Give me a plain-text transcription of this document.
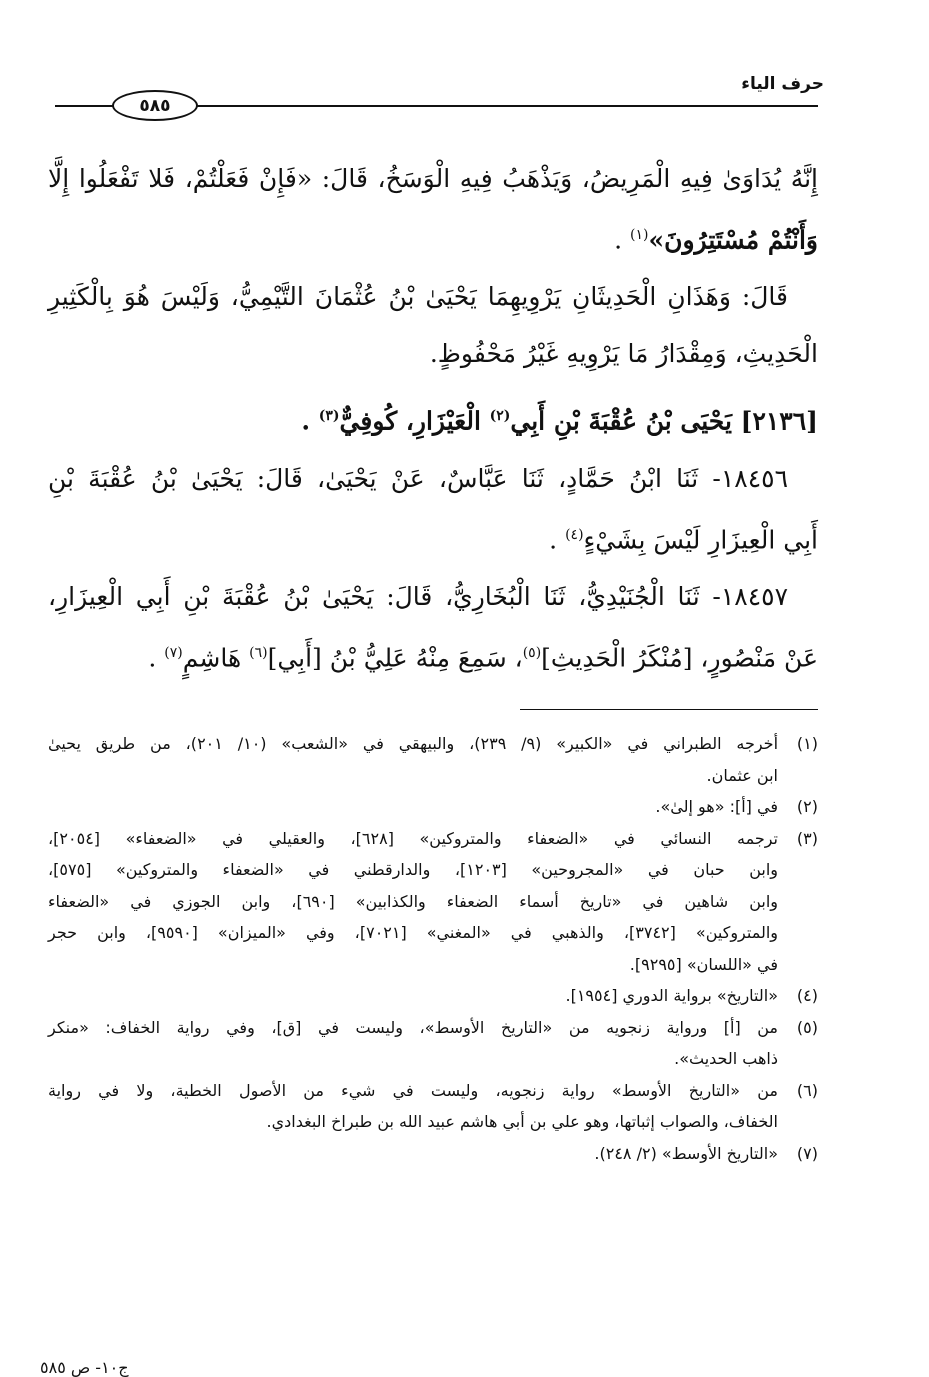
حرف الياء
٥٨٥
إِنَّهُ يُدَاوَىٰ فِيهِ الْمَرِيضُ، وَيَذْهَبُ فِيهِ الْوَسَخُ، قَالَ: «فَإِنْ فَعَلْتُمْ، فَلا تَفْعَلُوا إِلَّا
وَأَنْتُمْ مُسْتَتِرُونَ»$^{(١)}$ .
قَالَ: وَهَذَانِ الْحَدِيثَانِ يَرْوِيهِمَا يَحْيَىٰ بْنُ عُثْمَانَ التَّيْمِيُّ، وَلَيْسَ هُوَ بِالْكَثِيرِ
الْحَدِيثِ، وَمِقْدَارُ مَا يَرْوِيهِ غَيْرُ مَحْفُوظٍ.
[٢١٣٦] يَحْيَى بْنُ عُقْبَةَ بْنِ أَبِي$^{(٢)}$ الْعَيْزَارِ، كُوفِيٌّ$^{(٣)}$ .
١٨٤٥٦- ثَنَا ابْنُ حَمَّادٍ، ثَنَا عَبَّاسٌ، عَنْ يَحْيَىٰ، قَالَ: يَحْيَىٰ بْنُ عُقْبَةَ بْنِ
أَبِي الْعِيزَارِ لَيْسَ بِشَيْءٍ$^{(٤)}$ .
١٨٤٥٧- ثَنَا الْجُنَيْدِيُّ، ثَنَا الْبُخَارِيُّ، قَالَ: يَحْيَىٰ بْنُ عُقْبَةَ بْنِ أَبِي الْعِيزَارِ،
عَنْ مَنْصُورٍ، [مُنْكَرُ الْحَدِيثِ]$^{(٥)}$، سَمِعَ مِنْهُ عَلِيُّ بْنُ [أَبِي]$^{(٦)}$ هَاشِمٍ$^{(٧)}$ .
(١)
أخرجه الطبراني في «الكبير» (٩/ ٢٣٩)، والبيهقي في «الشعب» (١٠/ ٢٠١)، من طريق يحيىٰ
ابن عثمان.
(٢)
في [أ]: «هو إلىٰ».
(٣)
ترجمه النسائي في «الضعفاء والمتروكين» [٦٢٨]، والعقيلي في «الضعفاء» [٢٠٥٤]،
وابن حبان في «المجروحين» [١٢٠٣]، والدارقطني في «الضعفاء والمتروكين» [٥٧٥]،
وابن شاهين في «تاريخ أسماء الضعفاء والكذابين» [٦٩٠]، وابن الجوزي في «الضعفاء
والمتروكين» [٣٧٤٢]، والذهبي في «المغني» [٧٠٢١]، وفي «الميزان» [٩٥٩٠]، وابن حجر
في «اللسان» [٩٢٩٥].
(٤)
«التاريخ» برواية الدوري [١٩٥٤].
(٥)
من [أ] ورواية زنجويه من «التاريخ الأوسط»، وليست في [ق]، وفي رواية الخفاف: «منكر
ذاهب الحديث».
(٦)
من «التاريخ الأوسط» رواية زنجويه، وليست في شيء من الأصول الخطية، ولا في رواية
الخفاف، والصواب إثباتها، وهو علي بن أبي هاشم عبيد الله بن طبراخ البغدادي.
(٧)
«التاريخ الأوسط» (٢/ ٢٤٨).
ج١٠- ص ٥٨٥
